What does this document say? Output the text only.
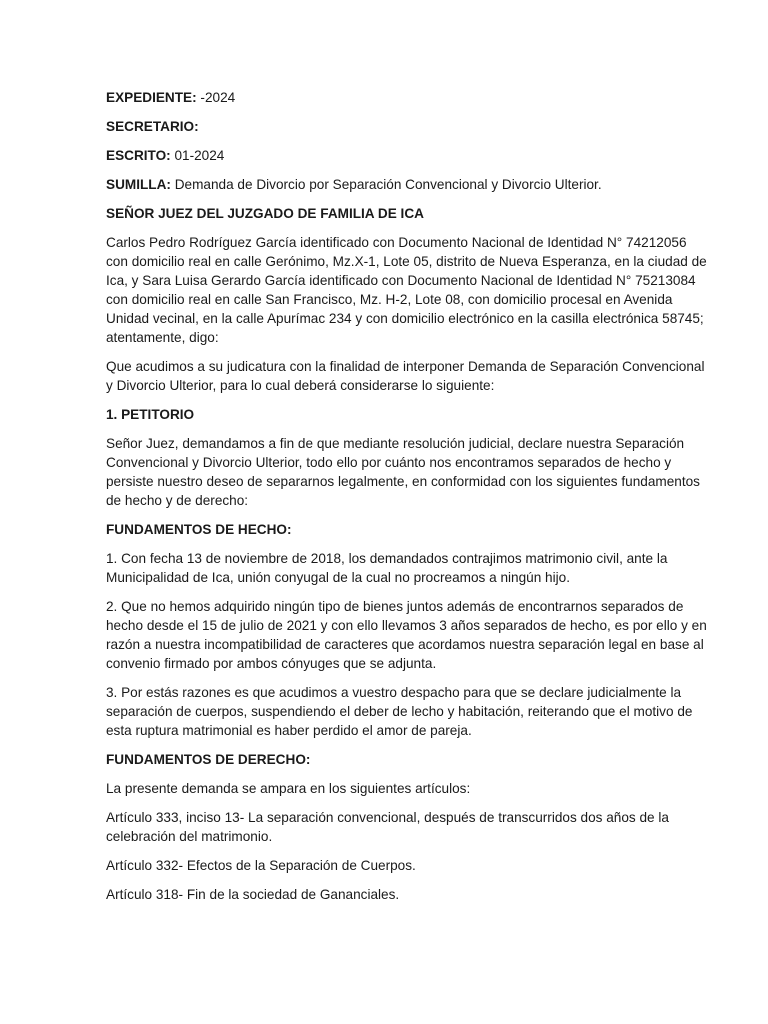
EXPEDIENTE: -2024

SECRETARIO:

ESCRITO: 01-2024

SUMILLA: Demanda de Divorcio por Separación Convencional y Divorcio Ulterior.

SEÑOR JUEZ DEL JUZGADO DE FAMILIA DE ICA

Carlos Pedro Rodríguez García identificado con Documento Nacional de Identidad N° 74212056
con domicilio real en calle Gerónimo, Mz.X-1, Lote 05, distrito de Nueva Esperanza, en la ciudad de
Ica, y Sara Luisa Gerardo García identificado con Documento Nacional de Identidad N° 75213084
con domicilio real en calle San Francisco, Mz. H-2, Lote 08, con domicilio procesal en Avenida
Unidad vecinal, en la calle Apurímac 234 y con domicilio electrónico en la casilla electrónica 58745;
atentamente, digo:

Que acudimos a su judicatura con la finalidad de interponer Demanda de Separación Convencional
y Divorcio Ulterior, para lo cual deberá considerarse lo siguiente:

1. PETITORIO

Señor Juez, demandamos a fin de que mediante resolución judicial, declare nuestra Separación
Convencional y Divorcio Ulterior, todo ello por cuánto nos encontramos separados de hecho y
persiste nuestro deseo de separarnos legalmente, en conformidad con los siguientes fundamentos
de hecho y de derecho:

FUNDAMENTOS DE HECHO:

1. Con fecha 13 de noviembre de 2018, los demandados contrajimos matrimonio civil, ante la
Municipalidad de Ica, unión conyugal de la cual no procreamos a ningún hijo.

2. Que no hemos adquirido ningún tipo de bienes juntos además de encontrarnos separados de
hecho desde el 15 de julio de 2021 y con ello llevamos 3 años separados de hecho, es por ello y en
razón a nuestra incompatibilidad de caracteres que acordamos nuestra separación legal en base al
convenio firmado por ambos cónyuges que se adjunta.

3. Por estás razones es que acudimos a vuestro despacho para que se declare judicialmente la
separación de cuerpos, suspendiendo el deber de lecho y habitación, reiterando que el motivo de
esta ruptura matrimonial es haber perdido el amor de pareja.

FUNDAMENTOS DE DERECHO:

La presente demanda se ampara en los siguientes artículos:

Artículo 333, inciso 13- La separación convencional, después de transcurridos dos años de la
celebración del matrimonio.

Artículo 332- Efectos de la Separación de Cuerpos.

Artículo 318- Fin de la sociedad de Gananciales.
